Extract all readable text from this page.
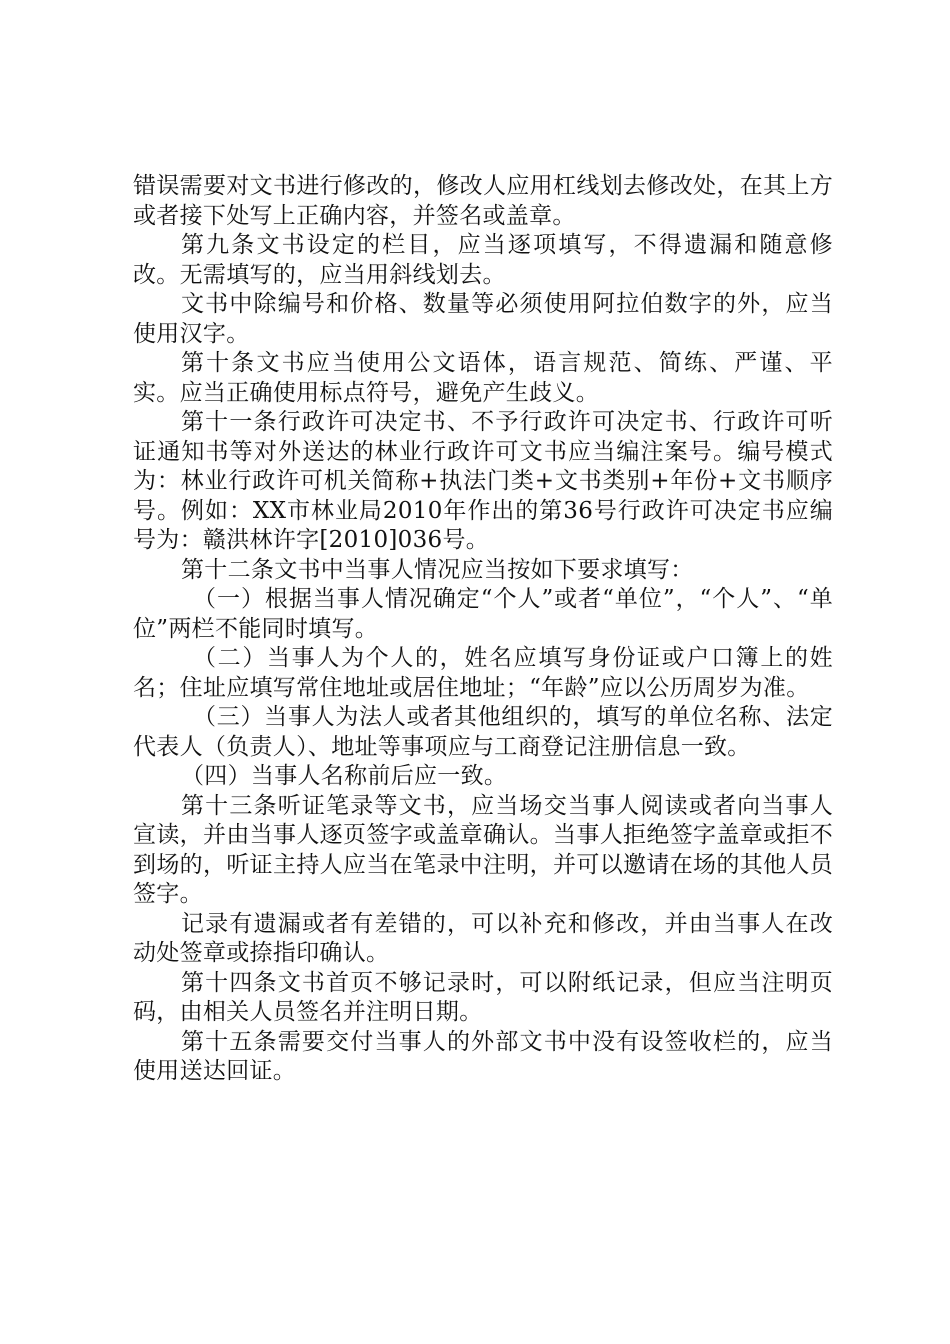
错误需要对文书进行修改的，修改人应用杠线划去修改处，在其上方或者接下处写上正确内容，并签名或盖章。

第九条文书设定的栏目，应当逐项填写，不得遗漏和随意修改。无需填写的，应当用斜线划去。

文书中除编号和价格、数量等必须使用阿拉伯数字的外，应当使用汉字。

第十条文书应当使用公文语体，语言规范、简练、严谨、平实。应当正确使用标点符号，避免产生歧义。

第十一条行政许可决定书、不予行政许可决定书、行政许可听证通知书等对外送达的林业行政许可文书应当编注案号。编号模式为：林业行政许可机关简称+执法门类+文书类别+年份+文书顺序号。例如：XX市林业局2010年作出的第36号行政许可决定书应编号为：赣洪林许字[2010]036号。

第十二条文书中当事人情况应当按如下要求填写：

（一）根据当事人情况确定“个人”或者“单位”，“个人”、“单位”两栏不能同时填写。

（二）当事人为个人的，姓名应填写身份证或户口簿上的姓名；住址应填写常住地址或居住地址；“年龄”应以公历周岁为准。

（三）当事人为法人或者其他组织的，填写的单位名称、法定代表人（负责人）、地址等事项应与工商登记注册信息一致。

（四）当事人名称前后应一致。

第十三条听证笔录等文书，应当场交当事人阅读或者向当事人宣读，并由当事人逐页签字或盖章确认。当事人拒绝签字盖章或拒不到场的，听证主持人应当在笔录中注明，并可以邀请在场的其他人员签字。

记录有遗漏或者有差错的，可以补充和修改，并由当事人在改动处签章或捺指印确认。

第十四条文书首页不够记录时，可以附纸记录，但应当注明页码，由相关人员签名并注明日期。

第十五条需要交付当事人的外部文书中没有设签收栏的，应当使用送达回证。
